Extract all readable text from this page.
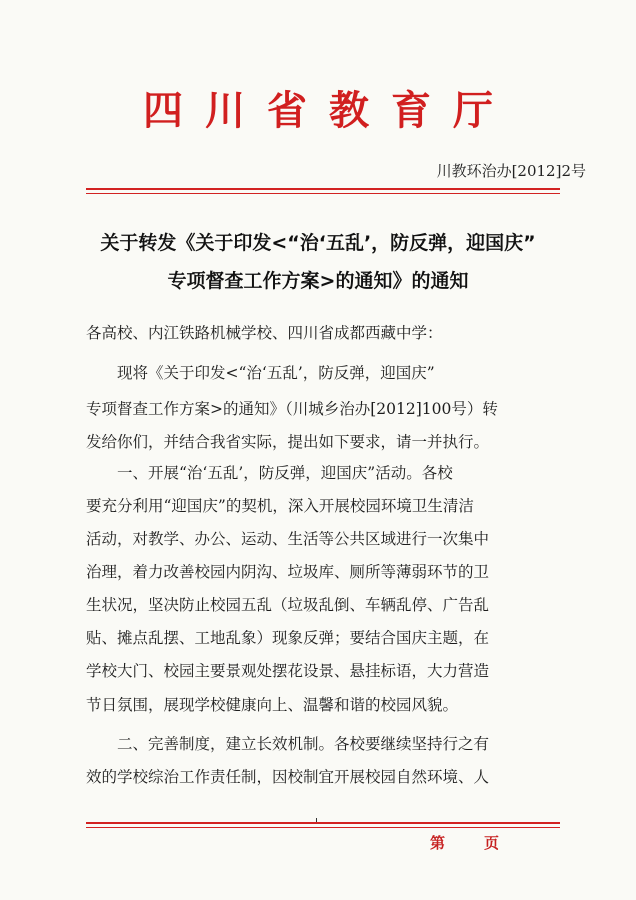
四川省教育厅
川教环治办[2012]2号
关于转发《关于印发<“治‘五乱’，防反弹，迎国庆”
专项督查工作方案>的通知》的通知
各高校、内江铁路机械学校、四川省成都西藏中学：
　　现将《关于印发<“治‘五乱’，防反弹，迎国庆”
专项督查工作方案>的通知》（川城乡治办[2012]100号）转
发给你们，并结合我省实际，提出如下要求，请一并执行。
　　一、开展“治‘五乱’，防反弹，迎国庆”活动。各校
要充分利用“迎国庆”的契机，深入开展校园环境卫生清洁
活动，对教学、办公、运动、生活等公共区域进行一次集中
治理，着力改善校园内阴沟、垃圾库、厕所等薄弱环节的卫
生状况，坚决防止校园五乱（垃圾乱倒、车辆乱停、广告乱
贴、摊点乱摆、工地乱象）现象反弹；要结合国庆主题，在
学校大门、校园主要景观处摆花设景、悬挂标语，大力营造
节日氛围，展现学校健康向上、温馨和谐的校园风貌。
　　二、完善制度，建立长效机制。各校要继续坚持行之有
效的学校综治工作责任制，因校制宜开展校园自然环境、人
第	页
